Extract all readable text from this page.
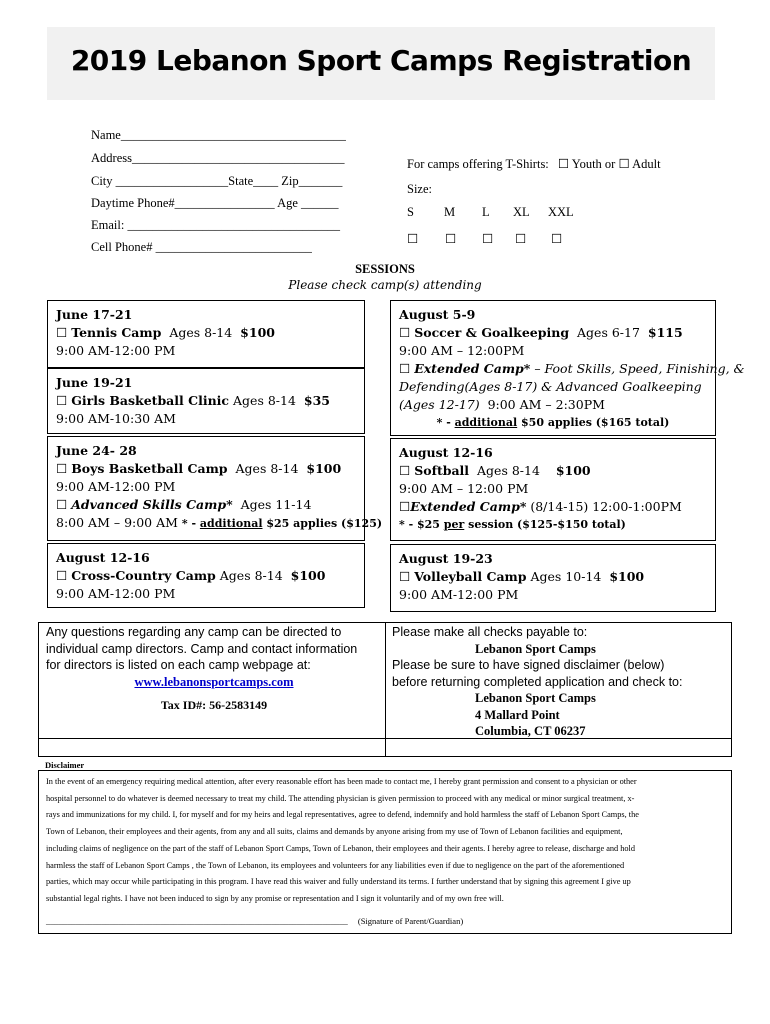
2019 Lebanon Sport Camps Registration
Name____________________________________
Address__________________________________
City __________________State____ Zip_______
Daytime Phone#________________ Age ______
Email: __________________________________
Cell Phone# _________________________
For camps offering T-Shirts: ☐ Youth or ☐ Adult
Size:
S M L XL XXL
☐ ☐ ☐ ☐ ☐
SESSIONS
Please check camp(s) attending
June 17-21
☐ Tennis Camp Ages 8-14 $100
9:00 AM-12:00 PM
June 19-21
☐ Girls Basketball Clinic Ages 8-14 $35
9:00 AM-10:30 AM
June 24- 28
☐ Boys Basketball Camp Ages 8-14 $100
9:00 AM-12:00 PM
☐ Advanced Skills Camp* Ages 11-14
8:00 AM – 9:00 AM * - additional $25 applies ($125)
August 12-16
☐ Cross-Country Camp Ages 8-14 $100
9:00 AM-12:00 PM
August 5-9
☐ Soccer & Goalkeeping Ages 6-17 $115
9:00 AM – 12:00PM
☐ Extended Camp* – Foot Skills, Speed, Finishing, &
Defending(Ages 8-17) & Advanced Goalkeeping
(Ages 12-17) 9:00 AM – 2:30PM
* - additional $50 applies ($165 total)
August 12-16
☐ Softball Ages 8-14 $100
9:00 AM – 12:00 PM
☐Extended Camp* (8/14-15) 12:00-1:00PM
* - $25 per session ($125-$150 total)
August 19-23
☐ Volleyball Camp Ages 10-14 $100
9:00 AM-12:00 PM
Any questions regarding any camp can be directed to
individual camp directors. Camp and contact information
for directors is listed on each camp webpage at:
www.lebanonsportcamps.com
Tax ID#: 56-2583149
Please make all checks payable to:
Lebanon Sport Camps
Please be sure to have signed disclaimer (below)
before returning completed application and check to:
Lebanon Sport Camps
4 Mallard Point
Columbia, CT 06237
Disclaimer
In the event of an emergency requiring medical attention, after every reasonable effort has been made to contact me, I hereby grant permission and consent to a physician or other
hospital personnel to do whatever is deemed necessary to treat my child. The attending physician is given permission to proceed with any medical or minor surgical treatment, x-
rays and immunizations for my child. I, for myself and for my heirs and legal representatives, agree to defend, indemnify and hold harmless the staff of Lebanon Sport Camps, the
Town of Lebanon, their employees and their agents, from any and all suits, claims and demands by anyone arising from my use of Town of Lebanon facilities and equipment,
including claims of negligence on the part of the staff of Lebanon Sport Camps, Town of Lebanon, their employees and their agents. I hereby agree to release, discharge and hold
harmless the staff of Lebanon Sport Camps , the Town of Lebanon, its employees and volunteers for any liabilities even if due to negligence on the part of the aforementioned
parties, which may occur while participating in this program. I have read this waiver and fully understand its terms. I further understand that by signing this agreement I give up
substantial legal rights. I have not been induced to sign by any promise or representation and I sign it voluntarily and of my own free will.
_______________________________________________________________________ (Signature of Parent/Guardian)
